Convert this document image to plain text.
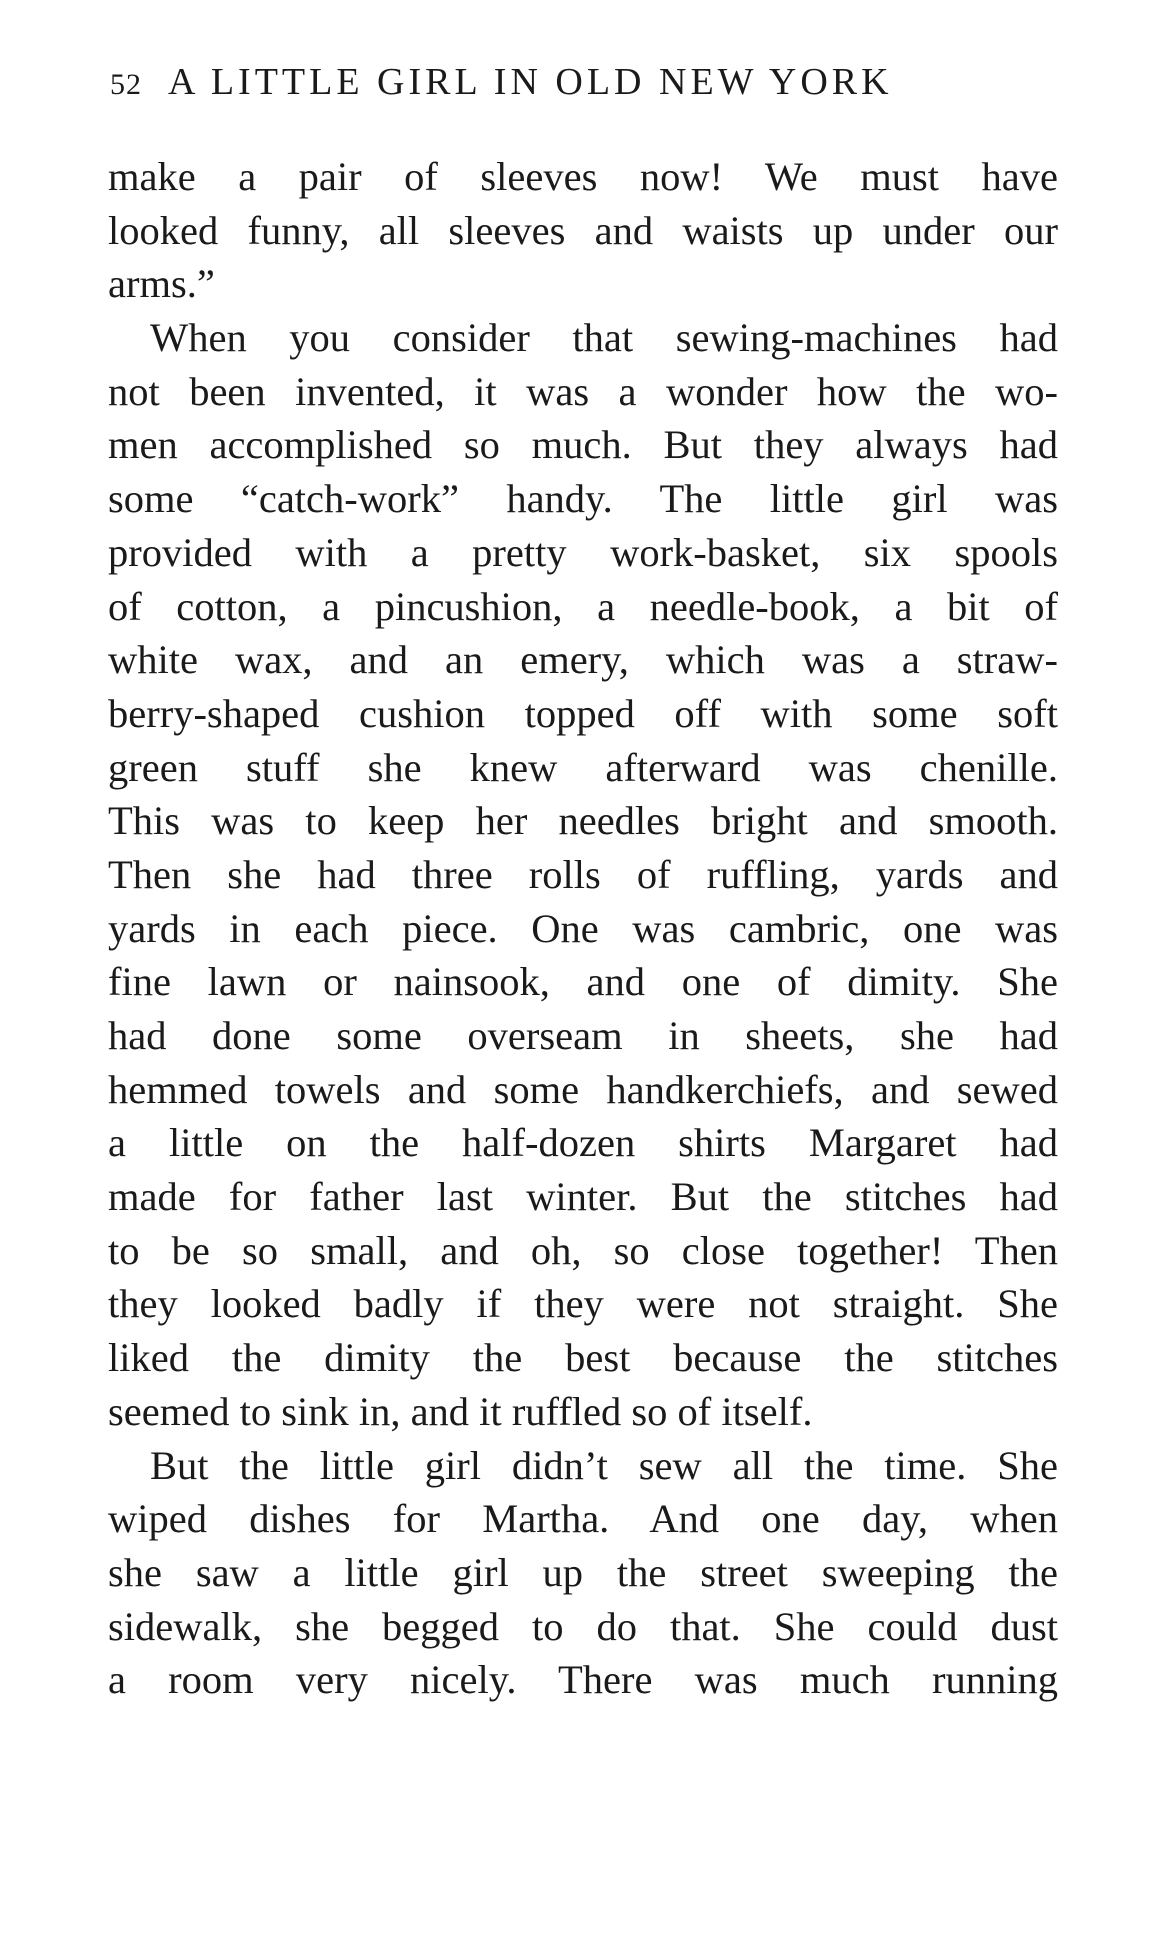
52 A LITTLE GIRL IN OLD NEW YORK
make a pair of sleeves now! We must have
looked funny, all sleeves and waists up under our
arms.”
When you consider that sewing-machines had
not been invented, it was a wonder how the wo-
men accomplished so much. But they always had
some “catch-work” handy. The little girl was
provided with a pretty work-basket, six spools
of cotton, a pincushion, a needle-book, a bit of
white wax, and an emery, which was a straw-
berry-shaped cushion topped off with some soft
green stuff she knew afterward was chenille.
This was to keep her needles bright and smooth.
Then she had three rolls of ruffling, yards and
yards in each piece. One was cambric, one was
fine lawn or nainsook, and one of dimity. She
had done some overseam in sheets, she had
hemmed towels and some handkerchiefs, and sewed
a little on the half-dozen shirts Margaret had
made for father last winter. But the stitches had
to be so small, and oh, so close together! Then
they looked badly if they were not straight. She
liked the dimity the best because the stitches
seemed to sink in, and it ruffled so of itself.
But the little girl didn’t sew all the time. She
wiped dishes for Martha. And one day, when
she saw a little girl up the street sweeping the
sidewalk, she begged to do that. She could dust
a room very nicely. There was much running
